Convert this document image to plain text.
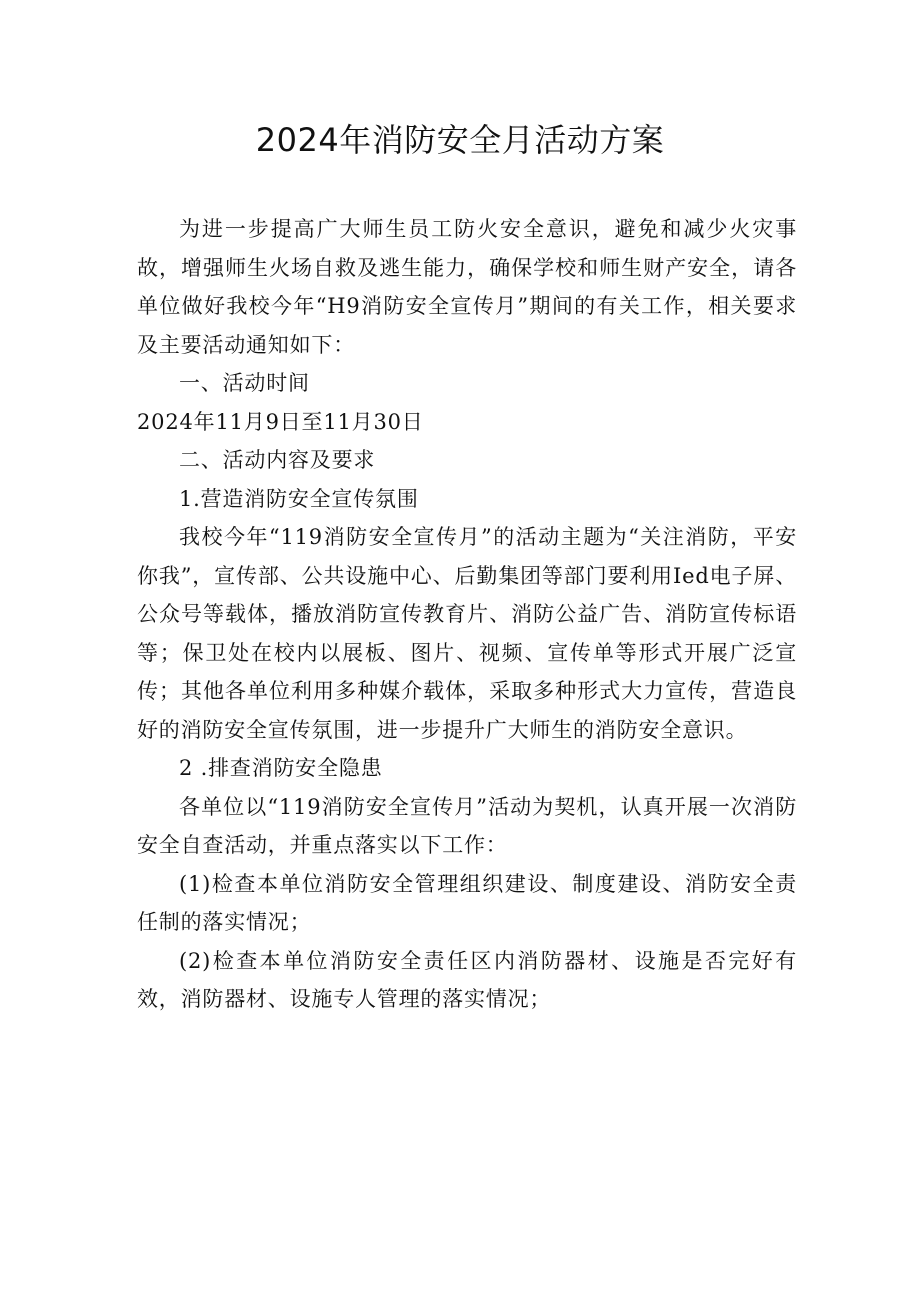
2024年消防安全月活动方案

为进一步提高广大师生员工防火安全意识，避免和减少火灾事故，增强师生火场自救及逃生能力，确保学校和师生财产安全，请各单位做好我校今年“H9消防安全宣传月”期间的有关工作，相关要求及主要活动通知如下：

一、活动时间

2024年11月9日至11月30日

二、活动内容及要求

1.营造消防安全宣传氛围

我校今年“119消防安全宣传月”的活动主题为“关注消防，平安你我”，宣传部、公共设施中心、后勤集团等部门要利用Ied电子屏、公众号等载体，播放消防宣传教育片、消防公益广告、消防宣传标语等；保卫处在校内以展板、图片、视频、宣传单等形式开展广泛宣传；其他各单位利用多种媒介载体，采取多种形式大力宣传，营造良好的消防安全宣传氛围，进一步提升广大师生的消防安全意识。

2 .排查消防安全隐患

各单位以“119消防安全宣传月”活动为契机，认真开展一次消防安全自查活动，并重点落实以下工作：

(1)检查本单位消防安全管理组织建设、制度建设、消防安全责任制的落实情况；

(2)检查本单位消防安全责任区内消防器材、设施是否完好有效，消防器材、设施专人管理的落实情况；
